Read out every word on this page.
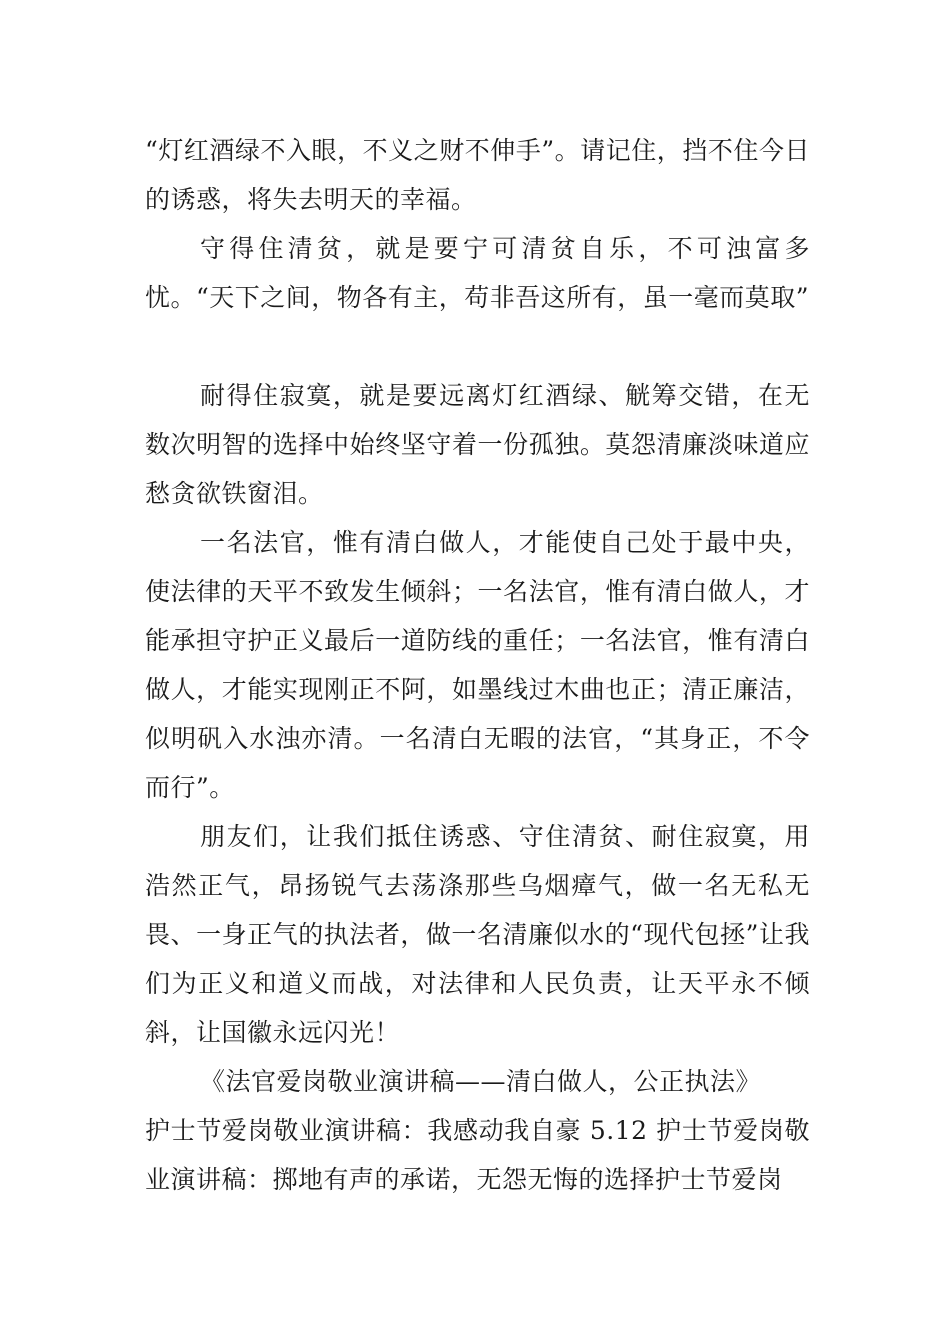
“灯红酒绿不入眼，不义之财不伸手”。请记住，挡不住今日的诱惑，将失去明天的幸福。

守得住清贫，就是要宁可清贫自乐，不可浊富多忧。“天下之间，物各有主，苟非吾这所有，虽一毫而莫取”

耐得住寂寞，就是要远离灯红酒绿、觥筹交错，在无数次明智的选择中始终坚守着一份孤独。莫怨清廉淡味道应愁贪欲铁窗泪。

一名法官，惟有清白做人，才能使自己处于最中央，使法律的天平不致发生倾斜；一名法官，惟有清白做人，才能承担守护正义最后一道防线的重任；一名法官，惟有清白做人，才能实现刚正不阿，如墨线过木曲也正；清正廉洁，似明矾入水浊亦清。一名清白无暇的法官，“其身正，不令而行”。

朋友们，让我们抵住诱惑、守住清贫、耐住寂寞，用浩然正气，昂扬锐气去荡涤那些乌烟瘴气，做一名无私无畏、一身正气的执法者，做一名清廉似水的“现代包拯”让我们为正义和道义而战，对法律和人民负责，让天平永不倾斜，让国徽永远闪光！

《法官爱岗敬业演讲稿——清白做人，公正执法》

护士节爱岗敬业演讲稿：我感动我自豪 5.12 护士节爱岗敬业演讲稿：掷地有声的承诺，无怨无悔的选择护士节爱岗
